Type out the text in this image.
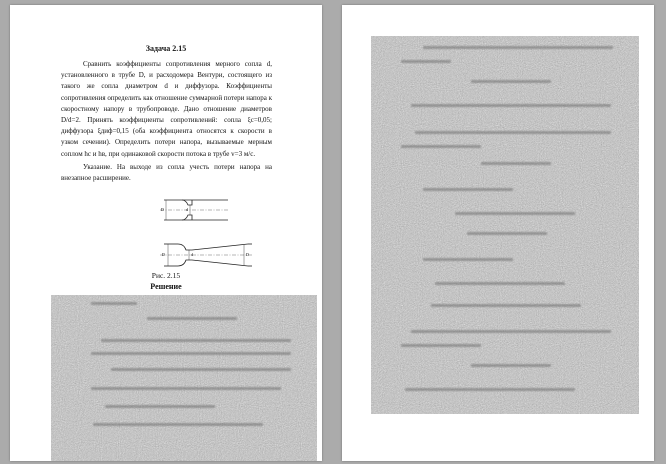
Задача 2.15

Сравнить коэффициенты сопротивления мерного сопла d, установленного в трубе D, и расходомера Вентури, состоящего из такого же сопла диаметром d и диффузора. Коэффициенты сопротивления определить как отношение суммарной потери напора к скоростному напору в трубопроводе. Дано отношение диаметров D/d=2. Принять коэффициенты сопротивлений: сопла ξc=0,05; диффузора ξдиф=0,15 (оба коэффициента относятся к скорости в узком сечении). Определить потери напора, вызываемые мерным соплом hc и hв, при одинаковой скорости потока в трубе v=3 м/с.

Указание. На выходе из сопла учесть потери напора на внезапное расширение.

D	d
D	d	D
Рис. 2.15
Решение
